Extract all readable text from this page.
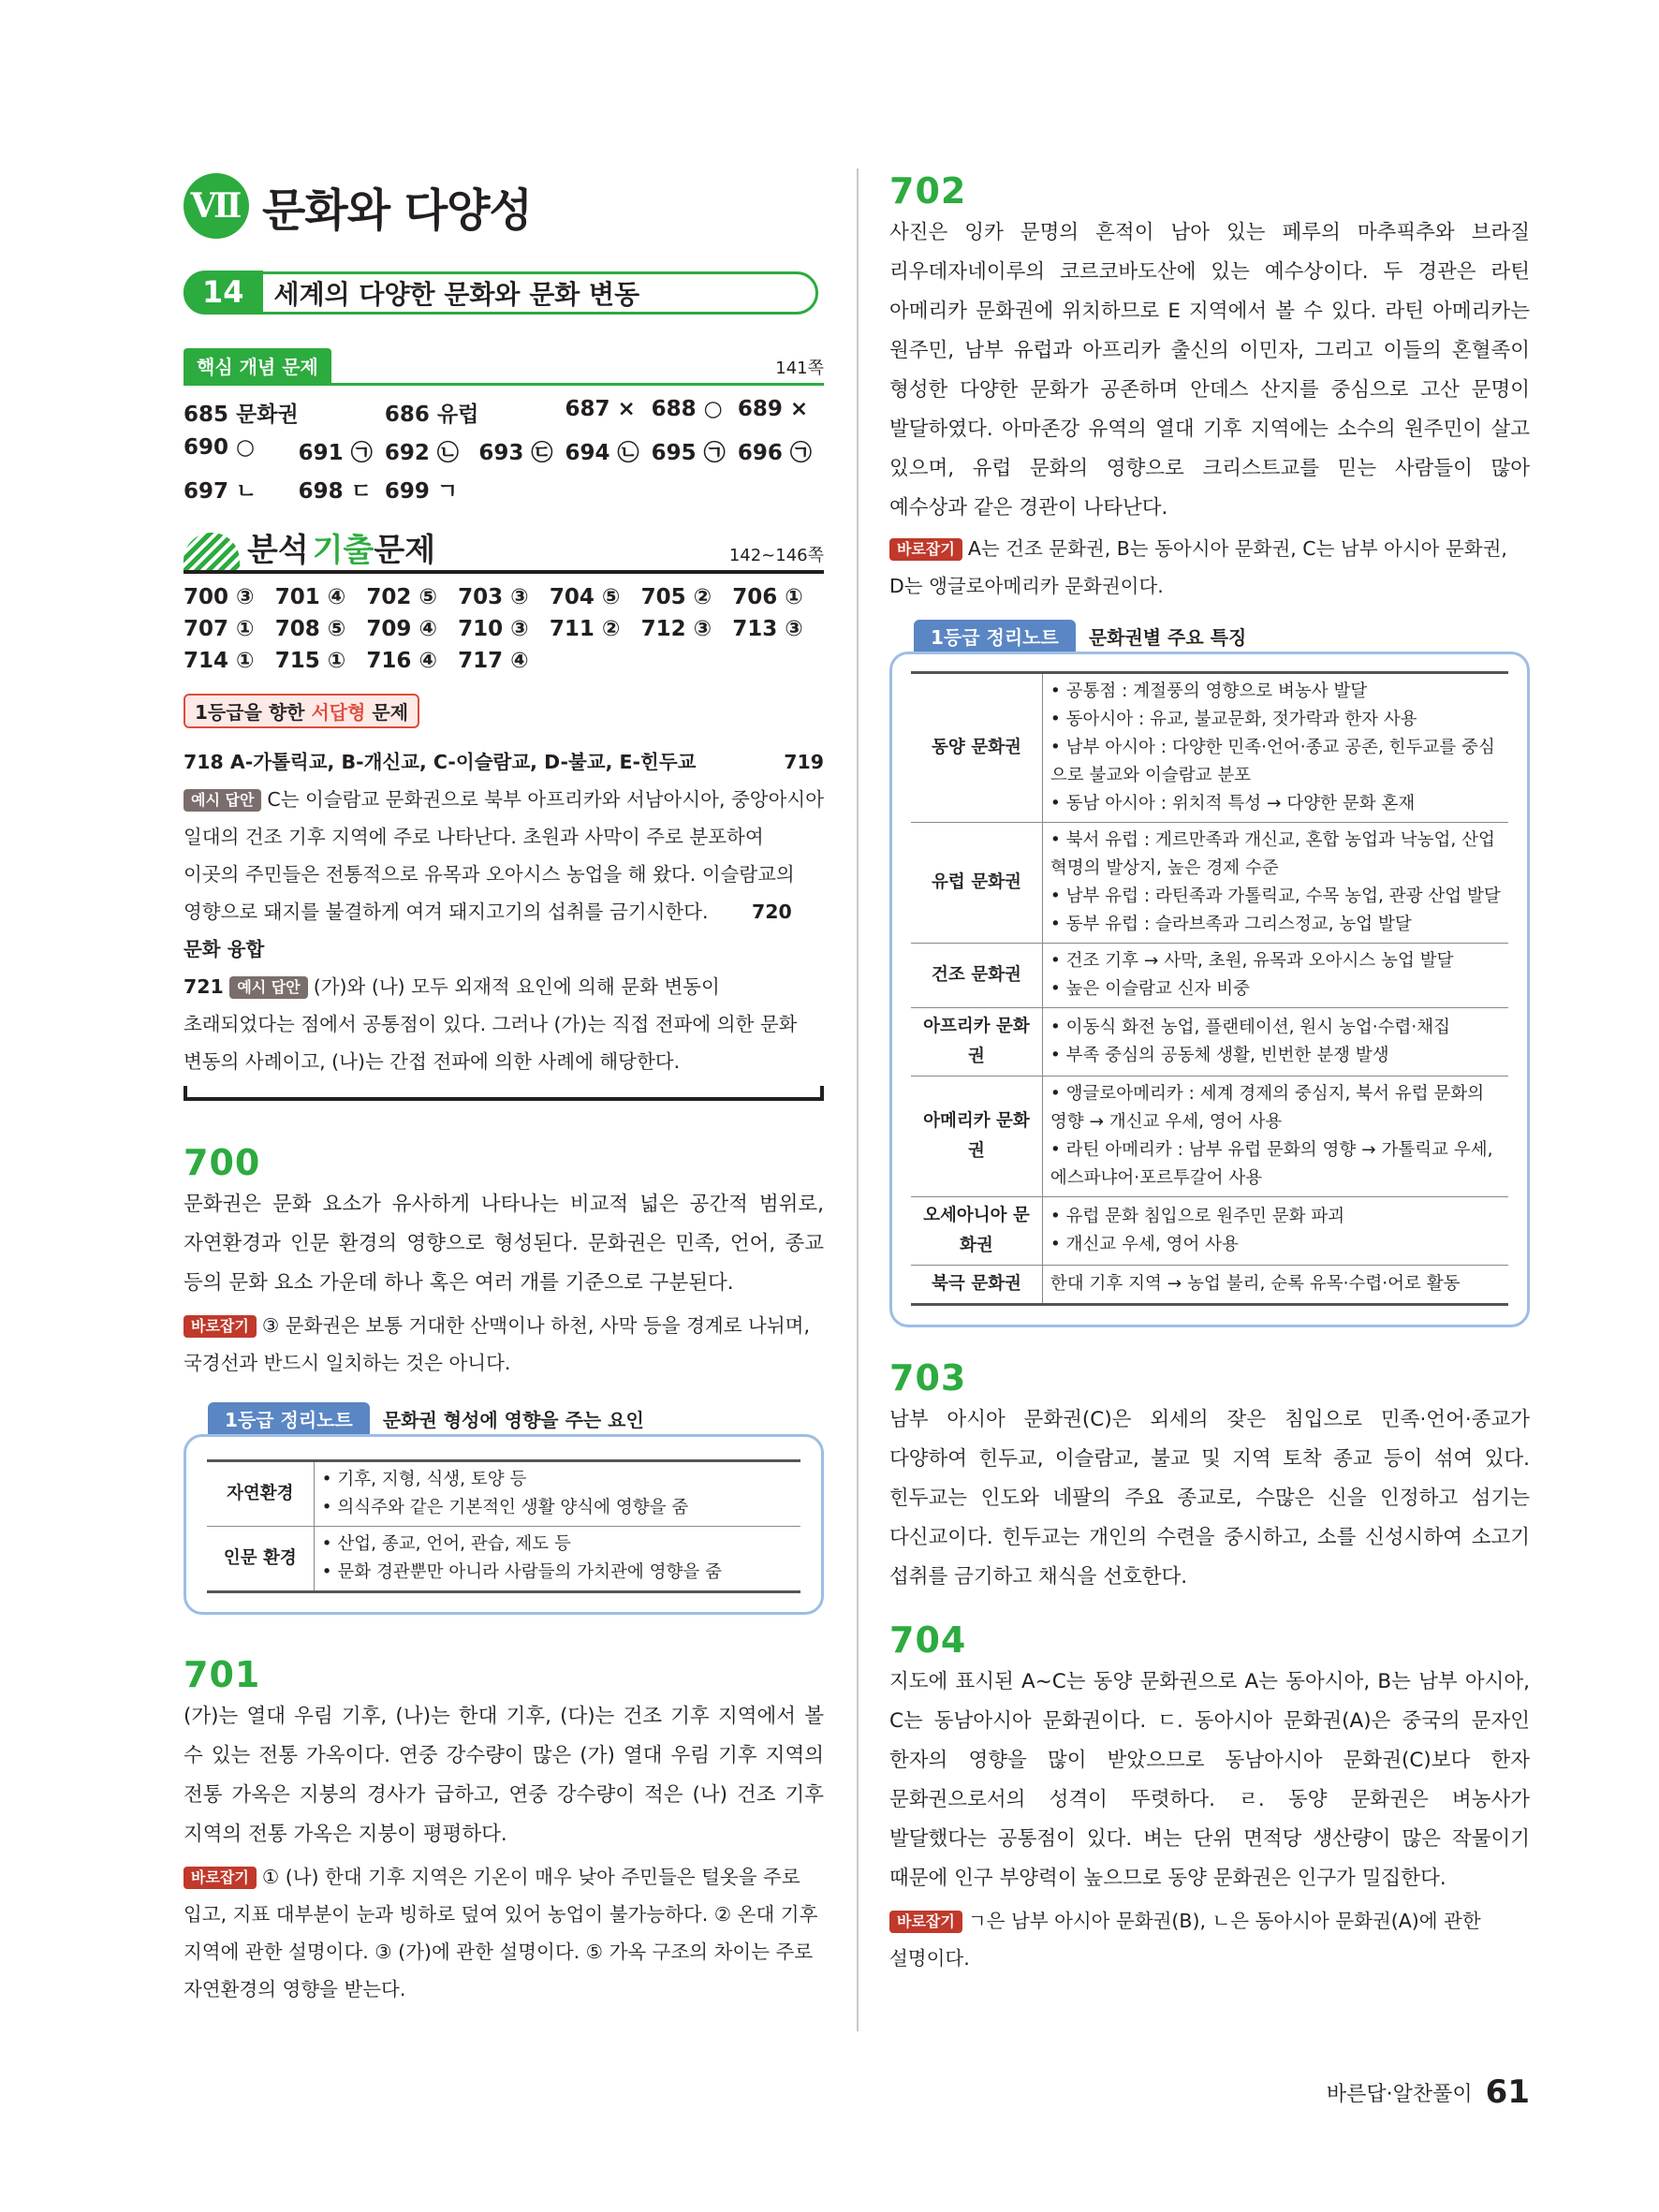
Ⅶ 문화와 다양성
14	세계의 다양한 문화와 문화 변동
핵심 개념 문제	141쪽
685 문화권	686 유럽	687 × 688 ○ 689 ×
690 ○	691 ㉠ 692 ㉡ 693 ㉢ 694 ㉡ 695 ㉠ 696 ㉠
697 ㄴ	698 ㄷ 699 ㄱ
분석 기출 문제	142~146쪽
700 ③ 701 ④ 702 ⑤ 703 ③ 704 ⑤ 705 ② 706 ①
707 ① 708 ⑤ 709 ④ 710 ③ 711 ② 712 ③ 713 ③
714 ① 715 ① 716 ④ 717 ④
1등급을 향한 서답형 문제
718 A-가톨릭교, B-개신교, C-이슬람교, D-불교, E-힌두교	719
예시 답안 C는 이슬람교 문화권으로 북부 아프리카와 서남아시아, 중앙아시아 일대의 건조 기후 지역에 주로 나타난다. 초원과 사막이 주로 분포하여 이곳의 주민들은 전통적으로 유목과 오아시스 농업을 해 왔다. 이슬람교의 영향으로 돼지를 불결하게 여겨 돼지고기의 섭취를 금기시한다. 720 문화 융합
721 예시 답안 (가)와 (나) 모두 외재적 요인에 의해 문화 변동이 초래되었다는 점에서 공통점이 있다. 그러나 (가)는 직접 전파에 의한 문화 변동의 사례이고, (나)는 간접 전파에 의한 사례에 해당한다.
700
문화권은 문화 요소가 유사하게 나타나는 비교적 넓은 공간적 범위로, 자연환경과 인문 환경의 영향으로 형성된다. 문화권은 민족, 언어, 종교 등의 문화 요소 가운데 하나 혹은 여러 개를 기준으로 구분된다.
바로잡기 ③ 문화권은 보통 거대한 산맥이나 하천, 사막 등을 경계로 나뉘며, 국경선과 반드시 일치하는 것은 아니다.
1등급 정리노트	문화권 형성에 영향을 주는 요인
자연환경	• 기후, 지형, 식생, 토양 등
• 의식주와 같은 기본적인 생활 양식에 영향을 줌

인문 환경	• 산업, 종교, 언어, 관습, 제도 등
• 문화 경관뿐만 아니라 사람들의 가치관에 영향을 줌
701
(가)는 열대 우림 기후, (나)는 한대 기후, (다)는 건조 기후 지역에서 볼 수 있는 전통 가옥이다. 연중 강수량이 많은 (가) 열대 우림 기후 지역의 전통 가옥은 지붕의 경사가 급하고, 연중 강수량이 적은 (나) 건조 기후 지역의 전통 가옥은 지붕이 평평하다.
바로잡기 ① (나) 한대 기후 지역은 기온이 매우 낮아 주민들은 털옷을 주로 입고, 지표 대부분이 눈과 빙하로 덮여 있어 농업이 불가능하다. ② 온대 기후 지역에 관한 설명이다. ③ (가)에 관한 설명이다. ⑤ 가옥 구조의 차이는 주로 자연환경의 영향을 받는다.
702
사진은 잉카 문명의 흔적이 남아 있는 페루의 마추픽추와 브라질 리우데자네이루의 코르코바도산에 있는 예수상이다. 두 경관은 라틴 아메리카 문화권에 위치하므로 E 지역에서 볼 수 있다. 라틴 아메리카는 원주민, 남부 유럽과 아프리카 출신의 이민자, 그리고 이들의 혼혈족이 형성한 다양한 문화가 공존하며 안데스 산지를 중심으로 고산 문명이 발달하였다. 아마존강 유역의 열대 기후 지역에는 소수의 원주민이 살고 있으며, 유럽 문화의 영향으로 크리스트교를 믿는 사람들이 많아 예수상과 같은 경관이 나타난다.
바로잡기 A는 건조 문화권, B는 동아시아 문화권, C는 남부 아시아 문화권, D는 앵글로아메리카 문화권이다.
1등급 정리노트	문화권별 주요 특징
동양 문화권	• 공통점 : 계절풍의 영향으로 벼농사 발달
• 동아시아 : 유교, 불교문화, 젓가락과 한자 사용
• 남부 아시아 : 다양한 민족·언어·종교 공존, 힌두교를 중심으로 불교와 이슬람교 분포
• 동남 아시아 : 위치적 특성 → 다양한 문화 혼재

유럽 문화권	• 북서 유럽 : 게르만족과 개신교, 혼합 농업과 낙농업, 산업혁명의 발상지, 높은 경제 수준
• 남부 유럽 : 라틴족과 가톨릭교, 수목 농업, 관광 산업 발달
• 동부 유럽 : 슬라브족과 그리스정교, 농업 발달

건조 문화권	• 건조 기후 → 사막, 초원, 유목과 오아시스 농업 발달
• 높은 이슬람교 신자 비중

아프리카 문화권	• 이동식 화전 농업, 플랜테이션, 원시 농업·수렵·채집
• 부족 중심의 공동체 생활, 빈번한 분쟁 발생

아메리카 문화권	• 앵글로아메리카 : 세계 경제의 중심지, 북서 유럽 문화의 영향 → 개신교 우세, 영어 사용
• 라틴 아메리카 : 남부 유럽 문화의 영향 → 가톨릭교 우세, 에스파냐어·포르투갈어 사용

오세아니아 문화권	• 유럽 문화 침입으로 원주민 문화 파괴
• 개신교 우세, 영어 사용

북극 문화권	한대 기후 지역 → 농업 불리, 순록 유목·수렵·어로 활동
703
남부 아시아 문화권(C)은 외세의 잦은 침입으로 민족·언어·종교가 다양하여 힌두교, 이슬람교, 불교 및 지역 토착 종교 등이 섞여 있다. 힌두교는 인도와 네팔의 주요 종교로, 수많은 신을 인정하고 섬기는 다신교이다. 힌두교는 개인의 수련을 중시하고, 소를 신성시하여 소고기 섭취를 금기하고 채식을 선호한다.
704
지도에 표시된 A~C는 동양 문화권으로 A는 동아시아, B는 남부 아시아, C는 동남아시아 문화권이다. ㄷ. 동아시아 문화권(A)은 중국의 문자인 한자의 영향을 많이 받았으므로 동남아시아 문화권(C)보다 한자 문화권으로서의 성격이 뚜렷하다. ㄹ. 동양 문화권은 벼농사가 발달했다는 공통점이 있다. 벼는 단위 면적당 생산량이 많은 작물이기 때문에 인구 부양력이 높으므로 동양 문화권은 인구가 밀집한다.
바로잡기 ㄱ은 남부 아시아 문화권(B), ㄴ은 동아시아 문화권(A)에 관한 설명이다.
바른답·알찬풀이 61
